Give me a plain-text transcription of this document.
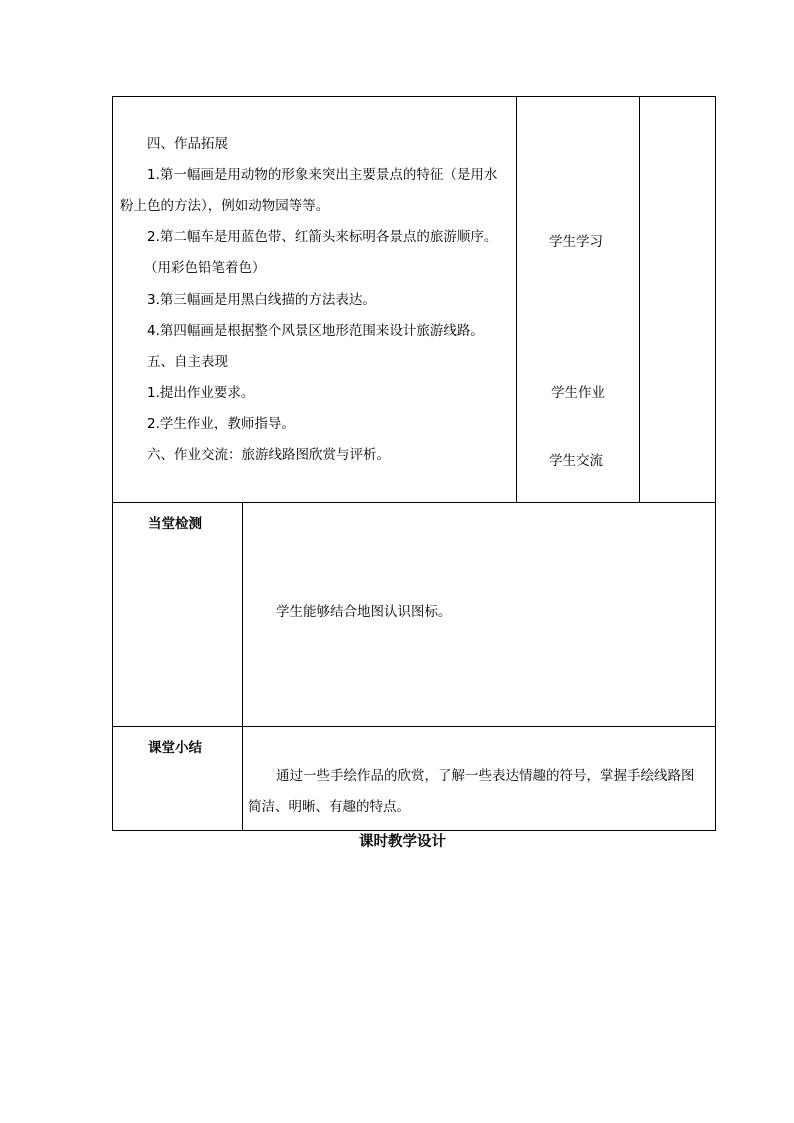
四、作品拓展
1.第一幅画是用动物的形象来突出主要景点的特征（是用水
粉上色的方法），例如动物园等等。
2.第二幅车是用蓝色带、红箭头来标明各景点的旅游顺序。
（用彩色铅笔着色）
3.第三幅画是用黑白线描的方法表达。
4.第四幅画是根据整个风景区地形范围来设计旅游线路。
五、自主表现
1.提出作业要求。
2.学生作业，教师指导。
六、作业交流：旅游线路图欣赏与评析。
学生学习
学生作业
学生交流
当堂检测
学生能够结合地图认识图标。
课堂小结
通过一些手绘作品的欣赏，了解一些表达情趣的符号，掌握手绘线路图
简洁、明晰、有趣的特点。
课时教学设计
